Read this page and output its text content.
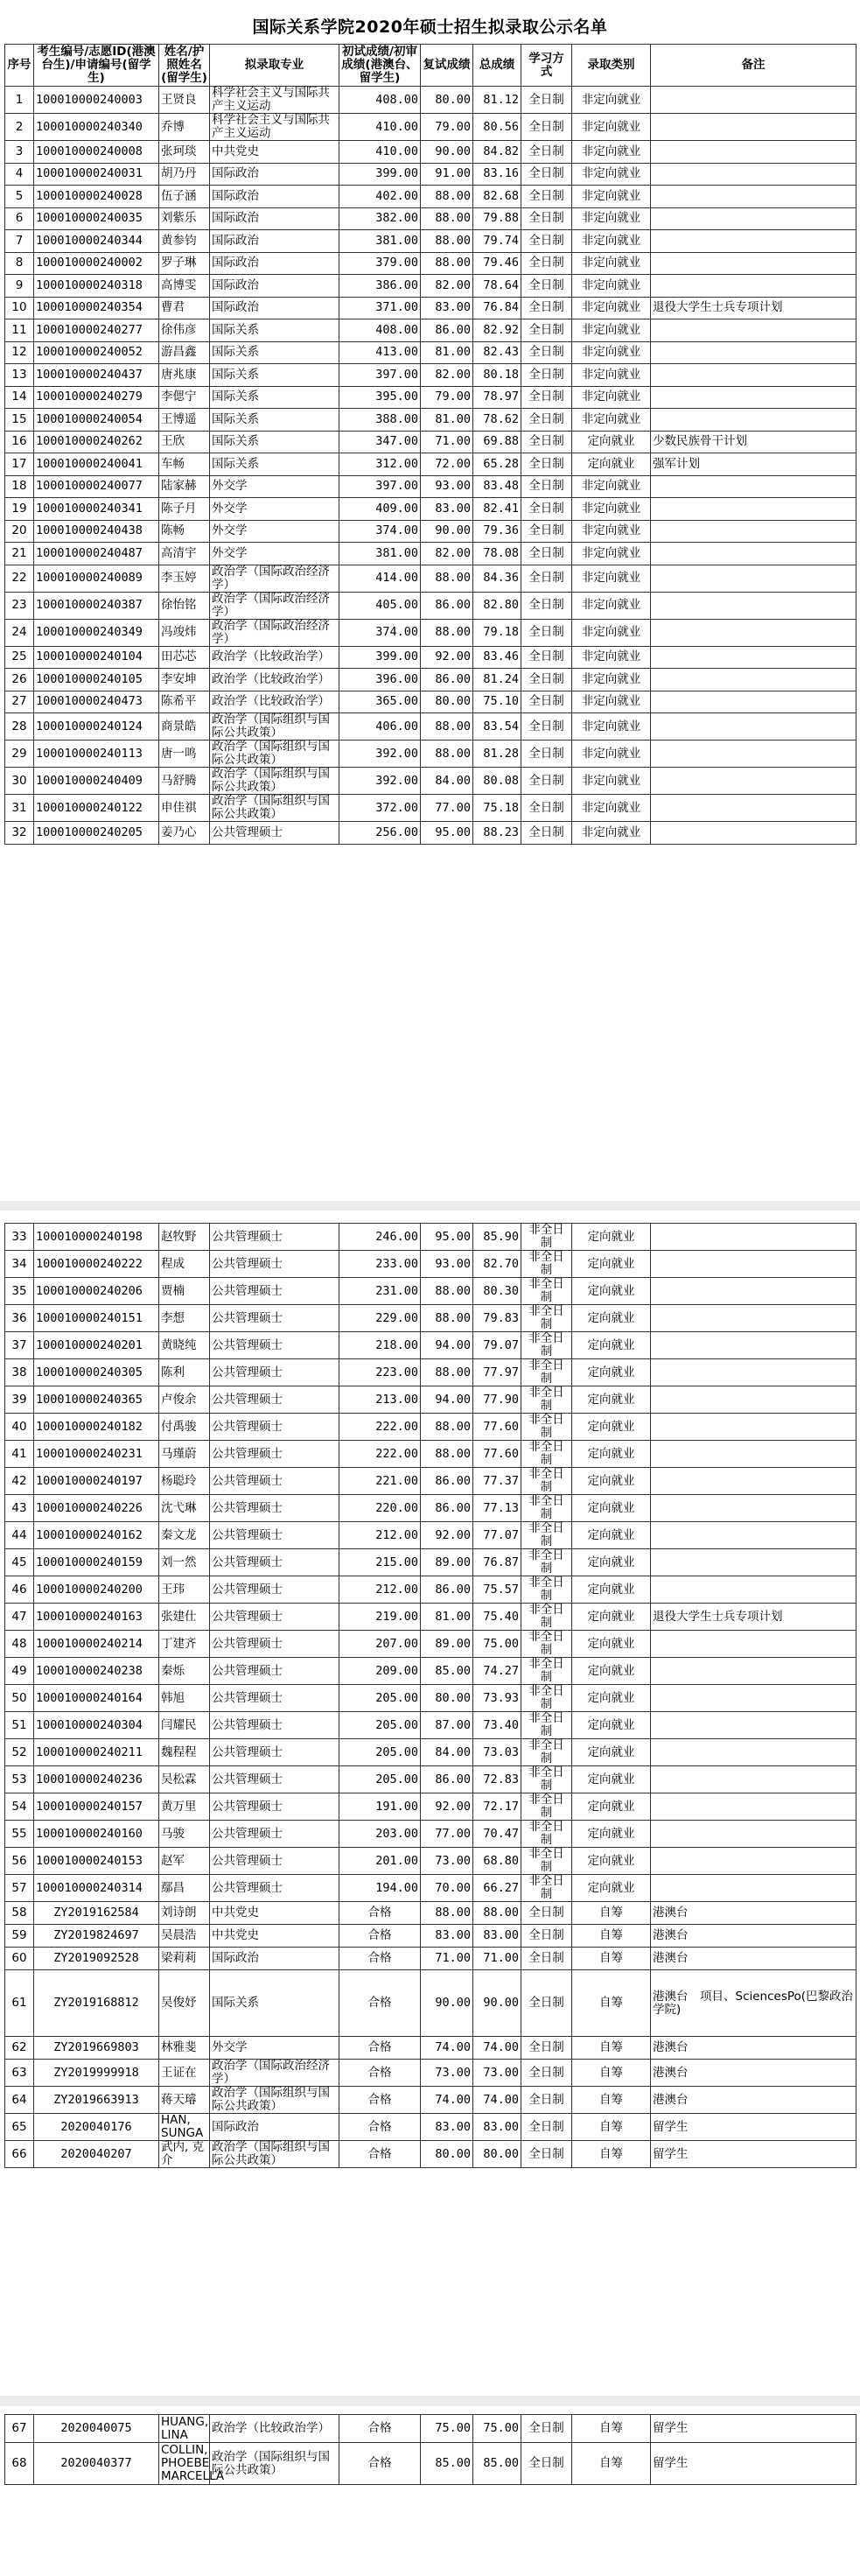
国际关系学院2020年硕士招生拟录取公示名单
序号	考生编号/志愿ID(港澳台生)/申请编号(留学生)	姓名/护照姓名(留学生)	拟录取专业	初试成绩/初审成绩(港澳台、留学生)	复试成绩	总成绩	学习方式	录取类别	备注
1	100010000240003	王贤良	科学社会主义与国际共产主义运动	408.00	80.00	81.12	全日制	非定向就业	
2	100010000240340	乔博	科学社会主义与国际共产主义运动	410.00	79.00	80.56	全日制	非定向就业	
3	100010000240008	张珂琰	中共党史	410.00	90.00	84.82	全日制	非定向就业	
4	100010000240031	胡乃丹	国际政治	399.00	91.00	83.16	全日制	非定向就业	
5	100010000240028	伍子涵	国际政治	402.00	88.00	82.68	全日制	非定向就业	
6	100010000240035	刘紫乐	国际政治	382.00	88.00	79.88	全日制	非定向就业	
7	100010000240344	黄参钧	国际政治	381.00	88.00	79.74	全日制	非定向就业	
8	100010000240002	罗子琳	国际政治	379.00	88.00	79.46	全日制	非定向就业	
9	100010000240318	高博雯	国际政治	386.00	82.00	78.64	全日制	非定向就业	
10	100010000240354	曹君	国际政治	371.00	83.00	76.84	全日制	非定向就业	退役大学生士兵专项计划
11	100010000240277	徐伟彦	国际关系	408.00	86.00	82.92	全日制	非定向就业	
12	100010000240052	游昌鑫	国际关系	413.00	81.00	82.43	全日制	非定向就业	
13	100010000240437	唐兆康	国际关系	397.00	82.00	80.18	全日制	非定向就业	
14	100010000240279	李偲宁	国际关系	395.00	79.00	78.97	全日制	非定向就业	
15	100010000240054	王博遥	国际关系	388.00	81.00	78.62	全日制	非定向就业	
16	100010000240262	王欣	国际关系	347.00	71.00	69.88	全日制	定向就业	少数民族骨干计划
17	100010000240041	车畅	国际关系	312.00	72.00	65.28	全日制	定向就业	强军计划
18	100010000240077	陆家赫	外交学	397.00	93.00	83.48	全日制	非定向就业	
19	100010000240341	陈子月	外交学	409.00	83.00	82.41	全日制	非定向就业	
20	100010000240438	陈畅	外交学	374.00	90.00	79.36	全日制	非定向就业	
21	100010000240487	高清宇	外交学	381.00	82.00	78.08	全日制	非定向就业	
22	100010000240089	李玉婷	政治学（国际政治经济学）	414.00	88.00	84.36	全日制	非定向就业	
23	100010000240387	徐怡铭	政治学（国际政治经济学）	405.00	86.00	82.80	全日制	非定向就业	
24	100010000240349	冯竣炜	政治学（国际政治经济学）	374.00	88.00	79.18	全日制	非定向就业	
25	100010000240104	田芯芯	政治学（比较政治学）	399.00	92.00	83.46	全日制	非定向就业	
26	100010000240105	李安坤	政治学（比较政治学）	396.00	86.00	81.24	全日制	非定向就业	
27	100010000240473	陈希平	政治学（比较政治学）	365.00	80.00	75.10	全日制	非定向就业	
28	100010000240124	商景皓	政治学（国际组织与国际公共政策）	406.00	88.00	83.54	全日制	非定向就业	
29	100010000240113	唐一鸣	政治学（国际组织与国际公共政策）	392.00	88.00	81.28	全日制	非定向就业	
30	100010000240409	马舒腾	政治学（国际组织与国际公共政策）	392.00	84.00	80.08	全日制	非定向就业	
31	100010000240122	申佳祺	政治学（国际组织与国际公共政策）	372.00	77.00	75.18	全日制	非定向就业	
32	100010000240205	姜乃心	公共管理硕士	256.00	95.00	88.23	全日制	非定向就业	
33	100010000240198	赵牧野	公共管理硕士	246.00	95.00	85.90	非全日制	定向就业	
34	100010000240222	程成	公共管理硕士	233.00	93.00	82.70	非全日制	定向就业	
35	100010000240206	贾楠	公共管理硕士	231.00	88.00	80.30	非全日制	定向就业	
36	100010000240151	李想	公共管理硕士	229.00	88.00	79.83	非全日制	定向就业	
37	100010000240201	黄晓纯	公共管理硕士	218.00	94.00	79.07	非全日制	定向就业	
38	100010000240305	陈利	公共管理硕士	223.00	88.00	77.97	非全日制	定向就业	
39	100010000240365	卢俊余	公共管理硕士	213.00	94.00	77.90	非全日制	定向就业	
40	100010000240182	付禹骏	公共管理硕士	222.00	88.00	77.60	非全日制	定向就业	
41	100010000240231	马瑾蔚	公共管理硕士	222.00	88.00	77.60	非全日制	定向就业	
42	100010000240197	杨聪玲	公共管理硕士	221.00	86.00	77.37	非全日制	定向就业	
43	100010000240226	沈弋琳	公共管理硕士	220.00	86.00	77.13	非全日制	定向就业	
44	100010000240162	秦文龙	公共管理硕士	212.00	92.00	77.07	非全日制	定向就业	
45	100010000240159	刘一然	公共管理硕士	215.00	89.00	76.87	非全日制	定向就业	
46	100010000240200	王玮	公共管理硕士	212.00	86.00	75.57	非全日制	定向就业	
47	100010000240163	张建仕	公共管理硕士	219.00	81.00	75.40	非全日制	定向就业	退役大学生士兵专项计划
48	100010000240214	丁建齐	公共管理硕士	207.00	89.00	75.00	非全日制	定向就业	
49	100010000240238	秦烁	公共管理硕士	209.00	85.00	74.27	非全日制	定向就业	
50	100010000240164	韩旭	公共管理硕士	205.00	80.00	73.93	非全日制	定向就业	
51	100010000240304	闫耀民	公共管理硕士	205.00	87.00	73.40	非全日制	定向就业	
52	100010000240211	魏程程	公共管理硕士	205.00	84.00	73.03	非全日制	定向就业	
53	100010000240236	吴松霖	公共管理硕士	205.00	86.00	72.83	非全日制	定向就业	
54	100010000240157	黄万里	公共管理硕士	191.00	92.00	72.17	非全日制	定向就业	
55	100010000240160	马骏	公共管理硕士	203.00	77.00	70.47	非全日制	定向就业	
56	100010000240153	赵军	公共管理硕士	201.00	73.00	68.80	非全日制	定向就业	
57	100010000240314	鄢昌	公共管理硕士	194.00	70.00	66.27	非全日制	定向就业	
58	ZY2019162584	刘诗朗	中共党史	合格	88.00	88.00	全日制	自筹	港澳台
59	ZY2019824697	吴晨浩	中共党史	合格	83.00	83.00	全日制	自筹	港澳台
60	ZY2019092528	梁莉莉	国际政治	合格	71.00	71.00	全日制	自筹	港澳台
61	ZY2019168812	吴俊妤	国际关系	合格	90.00	90.00	全日制	自筹	港澳台　项目、SciencesPo(巴黎政治学院)
62	ZY2019669803	林雅斐	外交学	合格	74.00	74.00	全日制	自筹	港澳台
63	ZY2019999918	王证在	政治学（国际政治经济学）	合格	73.00	73.00	全日制	自筹	港澳台
64	ZY2019663913	蒋天璿	政治学（国际组织与国际公共政策）	合格	74.00	74.00	全日制	自筹	港澳台
65	2020040176	HAN, SUNGA	国际政治	合格	83.00	83.00	全日制	自筹	留学生
66	2020040207	武内, 克介	政治学（国际组织与国际公共政策）	合格	80.00	80.00	全日制	自筹	留学生
67	2020040075	HUANG, LINA	政治学（比较政治学）	合格	75.00	75.00	全日制	自筹	留学生
68	2020040377	COLLIN, PHOEBE MARCELLA	政治学（国际组织与国际公共政策）	合格	85.00	85.00	全日制	自筹	留学生
